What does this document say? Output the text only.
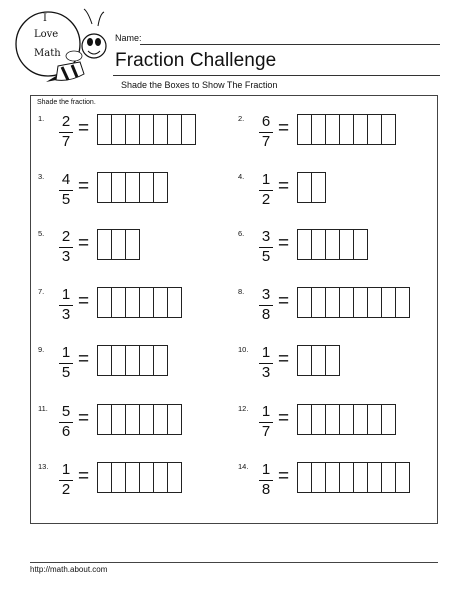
I
Love
Math
Name:
Fraction Challenge
Shade the Boxes to Show The Fraction
Shade the fraction.
1. 2
7
=	2. 6
7
=
3. 4
5
=	4. 1
2
=
5. 2
3
=	6. 3
5
=
7. 1
3
=	8. 3
8
=
9. 1
5
=	10. 1
3
=
11. 5
6
=	12. 1
7
=
13. 1
2
=	14. 1
8
=
http://math.about.com
